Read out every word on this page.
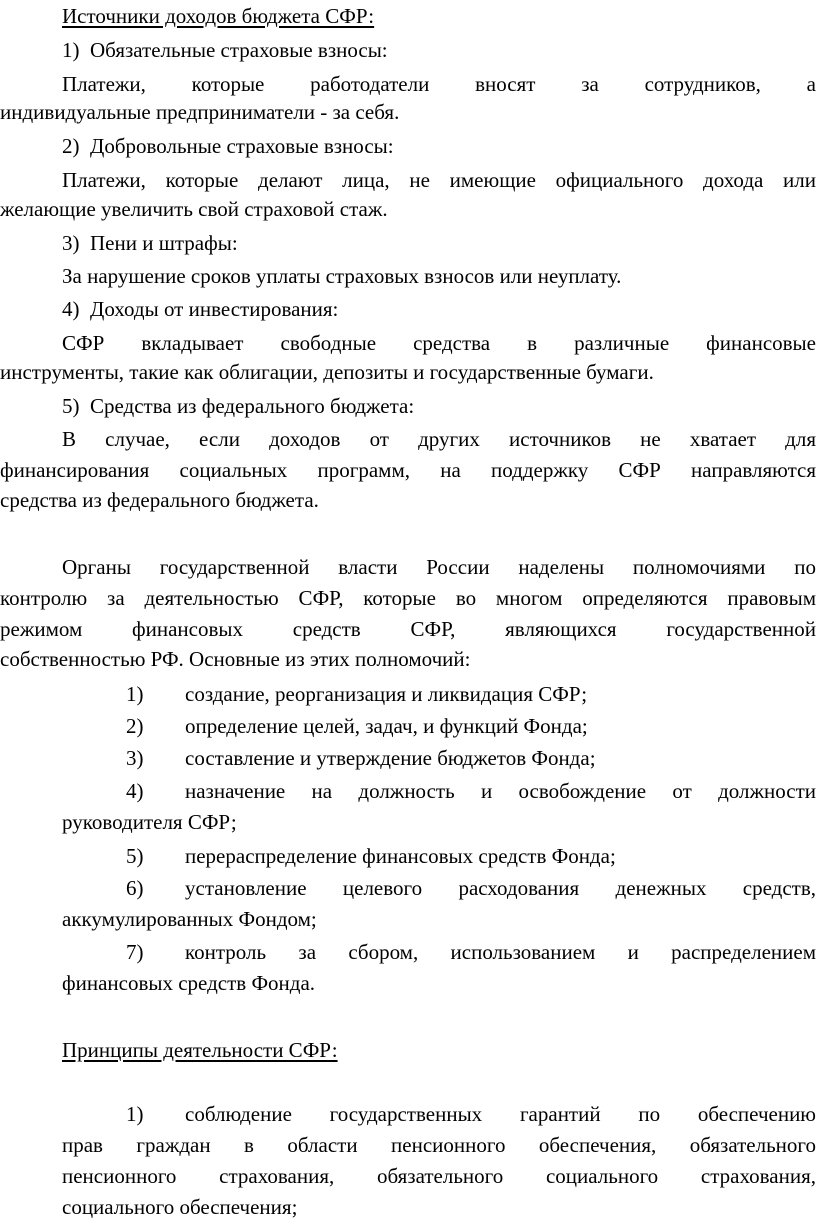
Источники доходов бюджета СФР:
1) Обязательные страховые взносы:
Платежи, которые работодатели вносят за сотрудников, а
индивидуальные предприниматели - за себя.
2) Добровольные страховые взносы:
Платежи, которые делают лица, не имеющие официального дохода или
желающие увеличить свой страховой стаж.
3) Пени и штрафы:
За нарушение сроков уплаты страховых взносов или неуплату.
4) Доходы от инвестирования:
СФР вкладывает свободные средства в различные финансовые
инструменты, такие как облигации, депозиты и государственные бумаги.
5) Средства из федерального бюджета:
В случае, если доходов от других источников не хватает для
финансирования социальных программ, на поддержку СФР направляются
средства из федерального бюджета.
Органы государственной власти России наделены полномочиями по
контролю за деятельностью СФР, которые во многом определяются правовым
режимом финансовых средств СФР, являющихся государственной
собственностью РФ. Основные из этих полномочий:
1) создание, реорганизация и ликвидация СФР;
2) определение целей, задач, и функций Фонда;
3) составление и утверждение бюджетов Фонда;
4) назначение на должность и освобождение от должности
руководителя СФР;
5) перераспределение финансовых средств Фонда;
6) установление целевого расходования денежных средств,
аккумулированных Фондом;
7) контроль за сбором, использованием и распределением
финансовых средств Фонда.
Принципы деятельности СФР:
1) соблюдение государственных гарантий по обеспечению
прав граждан в области пенсионного обеспечения, обязательного
пенсионного страхования, обязательного социального страхования,
социального обеспечения;
